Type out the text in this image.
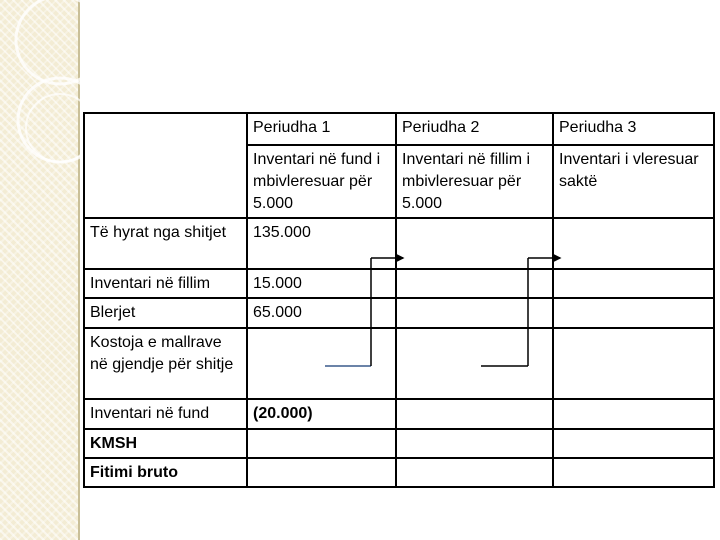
	Periudha 1	Periudha 2	Periudha 3
	Inventari në fund i mbivleresuar për 5.000	Inventari në fillim i mbivleresuar për 5.000	Inventari i vleresuar saktë
Të hyrat nga shitjet	135.000		
Inventari në fillim	15.000		
Blerjet	65.000		
Kostoja e mallrave në gjendje për shitje			
Inventari në fund	(20.000)		
KMSH			
Fitimi bruto			
